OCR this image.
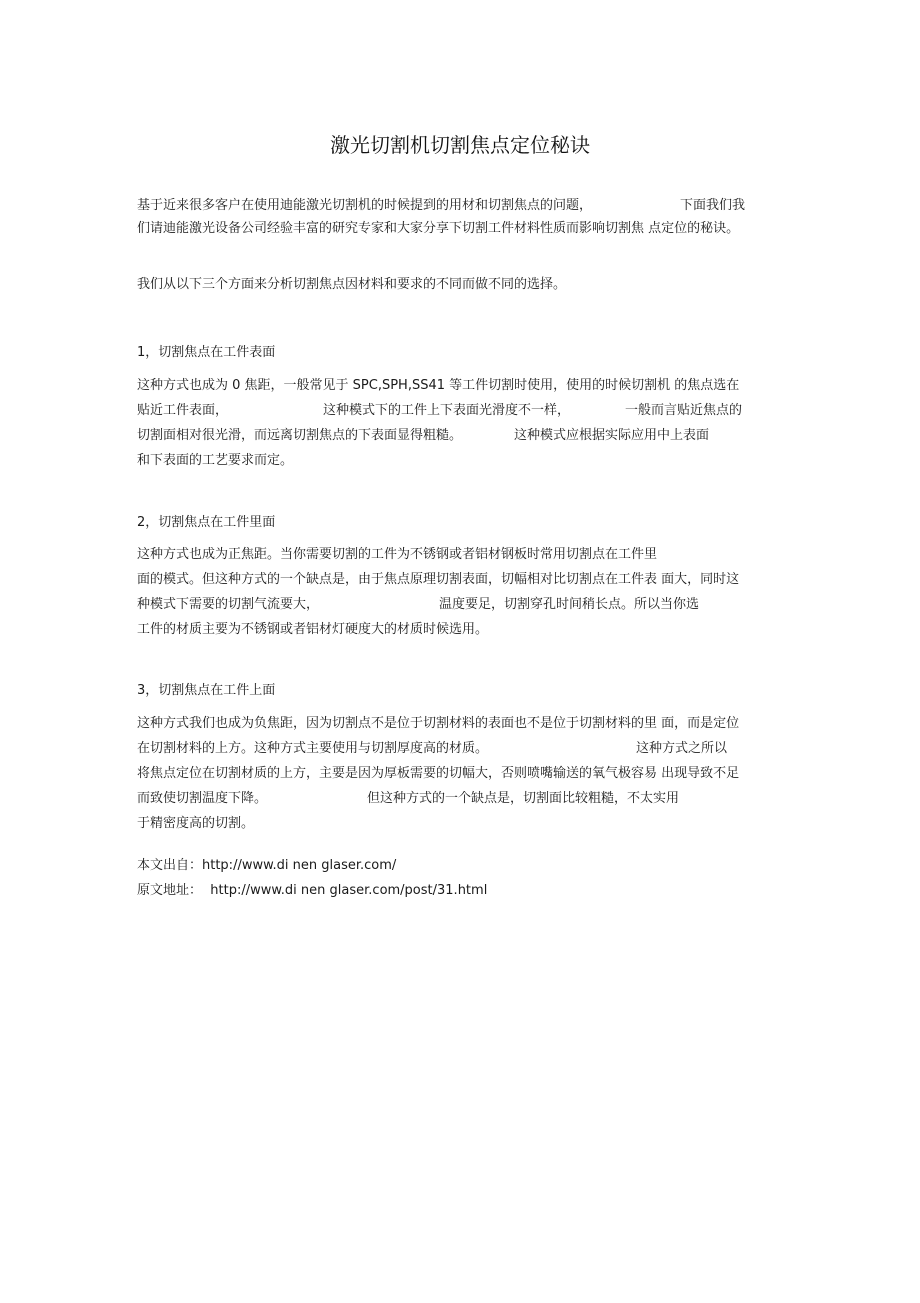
激光切割机切割焦点定位秘诀
基于近来很多客户在使用迪能激光切割机的时候提到的用材和切割焦点的问题，	下面我们我
们请迪能激光设备公司经验丰富的研究专家和大家分享下切割工件材料性质而影响切割焦 点定位的秘诀。
我们从以下三个方面来分析切割焦点因材料和要求的不同而做不同的选择。
1，切割焦点在工件表面
这种方式也成为 0 焦距，一般常见于 SPC,SPH,SS41 等工件切割时使用，使用的时候切割机 的焦点选在
贴近工件表面，	这种模式下的工件上下表面光滑度不一样，	一般而言贴近焦点的
切割面相对很光滑，而远离切割焦点的下表面显得粗糙。	这种模式应根据实际应用中上表面
和下表面的工艺要求而定。
2，切割焦点在工件里面
这种方式也成为正焦距。当你需要切割的工件为不锈钢或者铝材钢板时常用切割点在工件里
面的模式。但这种方式的一个缺点是，由于焦点原理切割表面，切幅相对比切割点在工件表 面大，同时这
种模式下需要的切割气流要大，	温度要足，切割穿孔时间稍长点。所以当你选
工件的材质主要为不锈钢或者铝材灯硬度大的材质时候选用。
3，切割焦点在工件上面
这种方式我们也成为负焦距，因为切割点不是位于切割材料的表面也不是位于切割材料的里 面，而是定位
在切割材料的上方。这种方式主要使用与切割厚度高的材质。	这种方式之所以
将焦点定位在切割材质的上方，主要是因为厚板需要的切幅大，否则喷嘴输送的氧气极容易 出现导致不足
而致使切割温度下降。	但这种方式的一个缺点是，切割面比较粗糙，不太实用
于精密度高的切割。
本文出自：http://www.di nen glaser.com/
原文地址：  http://www.di nen glaser.com/post/31.html
